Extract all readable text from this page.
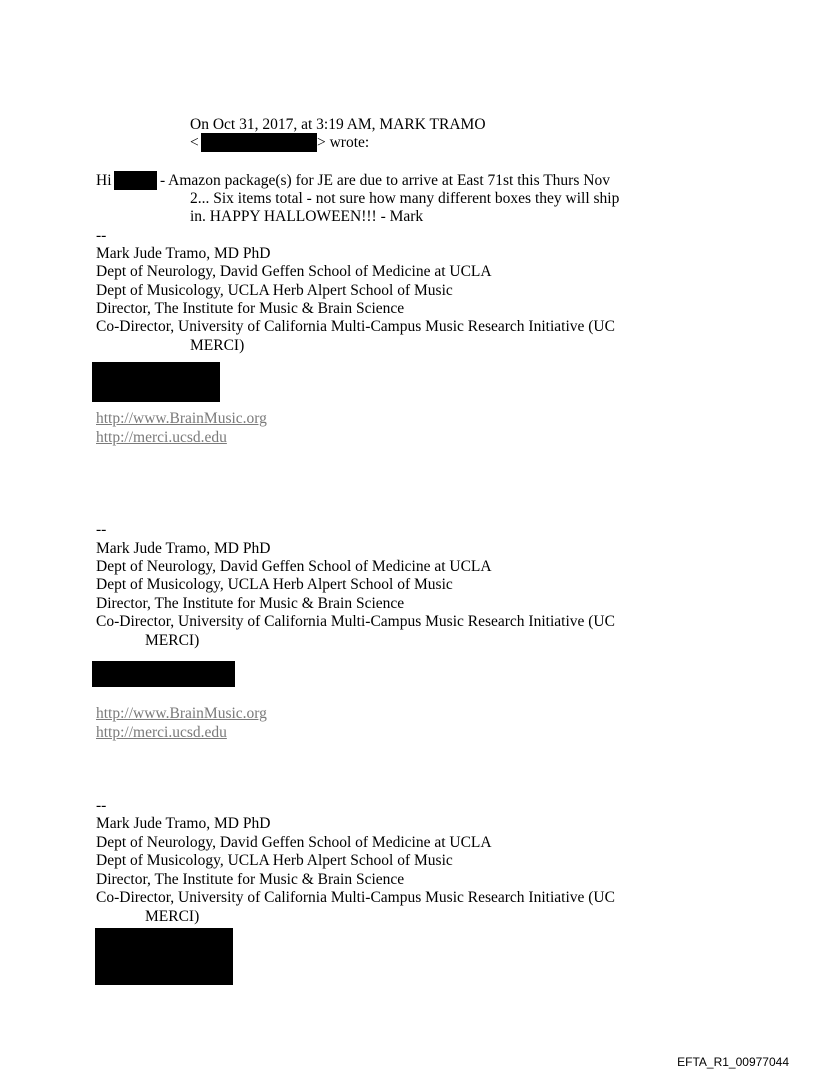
On Oct 31, 2017, at 3:19 AM, MARK TRAMO
<	> wrote:
Hi	- Amazon package(s) for JE are due to arrive at East 71st this Thurs Nov
2... Six items total - not sure how many different boxes they will ship
in. HAPPY HALLOWEEN!!! - Mark
--
Mark Jude Tramo, MD PhD
Dept of Neurology, David Geffen School of Medicine at UCLA
Dept of Musicology, UCLA Herb Alpert School of Music
Director, The Institute for Music & Brain Science
Co-Director, University of California Multi-Campus Music Research Initiative (UC
MERCI)
http://www.BrainMusic.org
http://merci.ucsd.edu
--
Mark Jude Tramo, MD PhD
Dept of Neurology, David Geffen School of Medicine at UCLA
Dept of Musicology, UCLA Herb Alpert School of Music
Director, The Institute for Music & Brain Science
Co-Director, University of California Multi-Campus Music Research Initiative (UC
MERCI)
http://www.BrainMusic.org
http://merci.ucsd.edu
--
Mark Jude Tramo, MD PhD
Dept of Neurology, David Geffen School of Medicine at UCLA
Dept of Musicology, UCLA Herb Alpert School of Music
Director, The Institute for Music & Brain Science
Co-Director, University of California Multi-Campus Music Research Initiative (UC
MERCI)
EFTA_R1_00977044
